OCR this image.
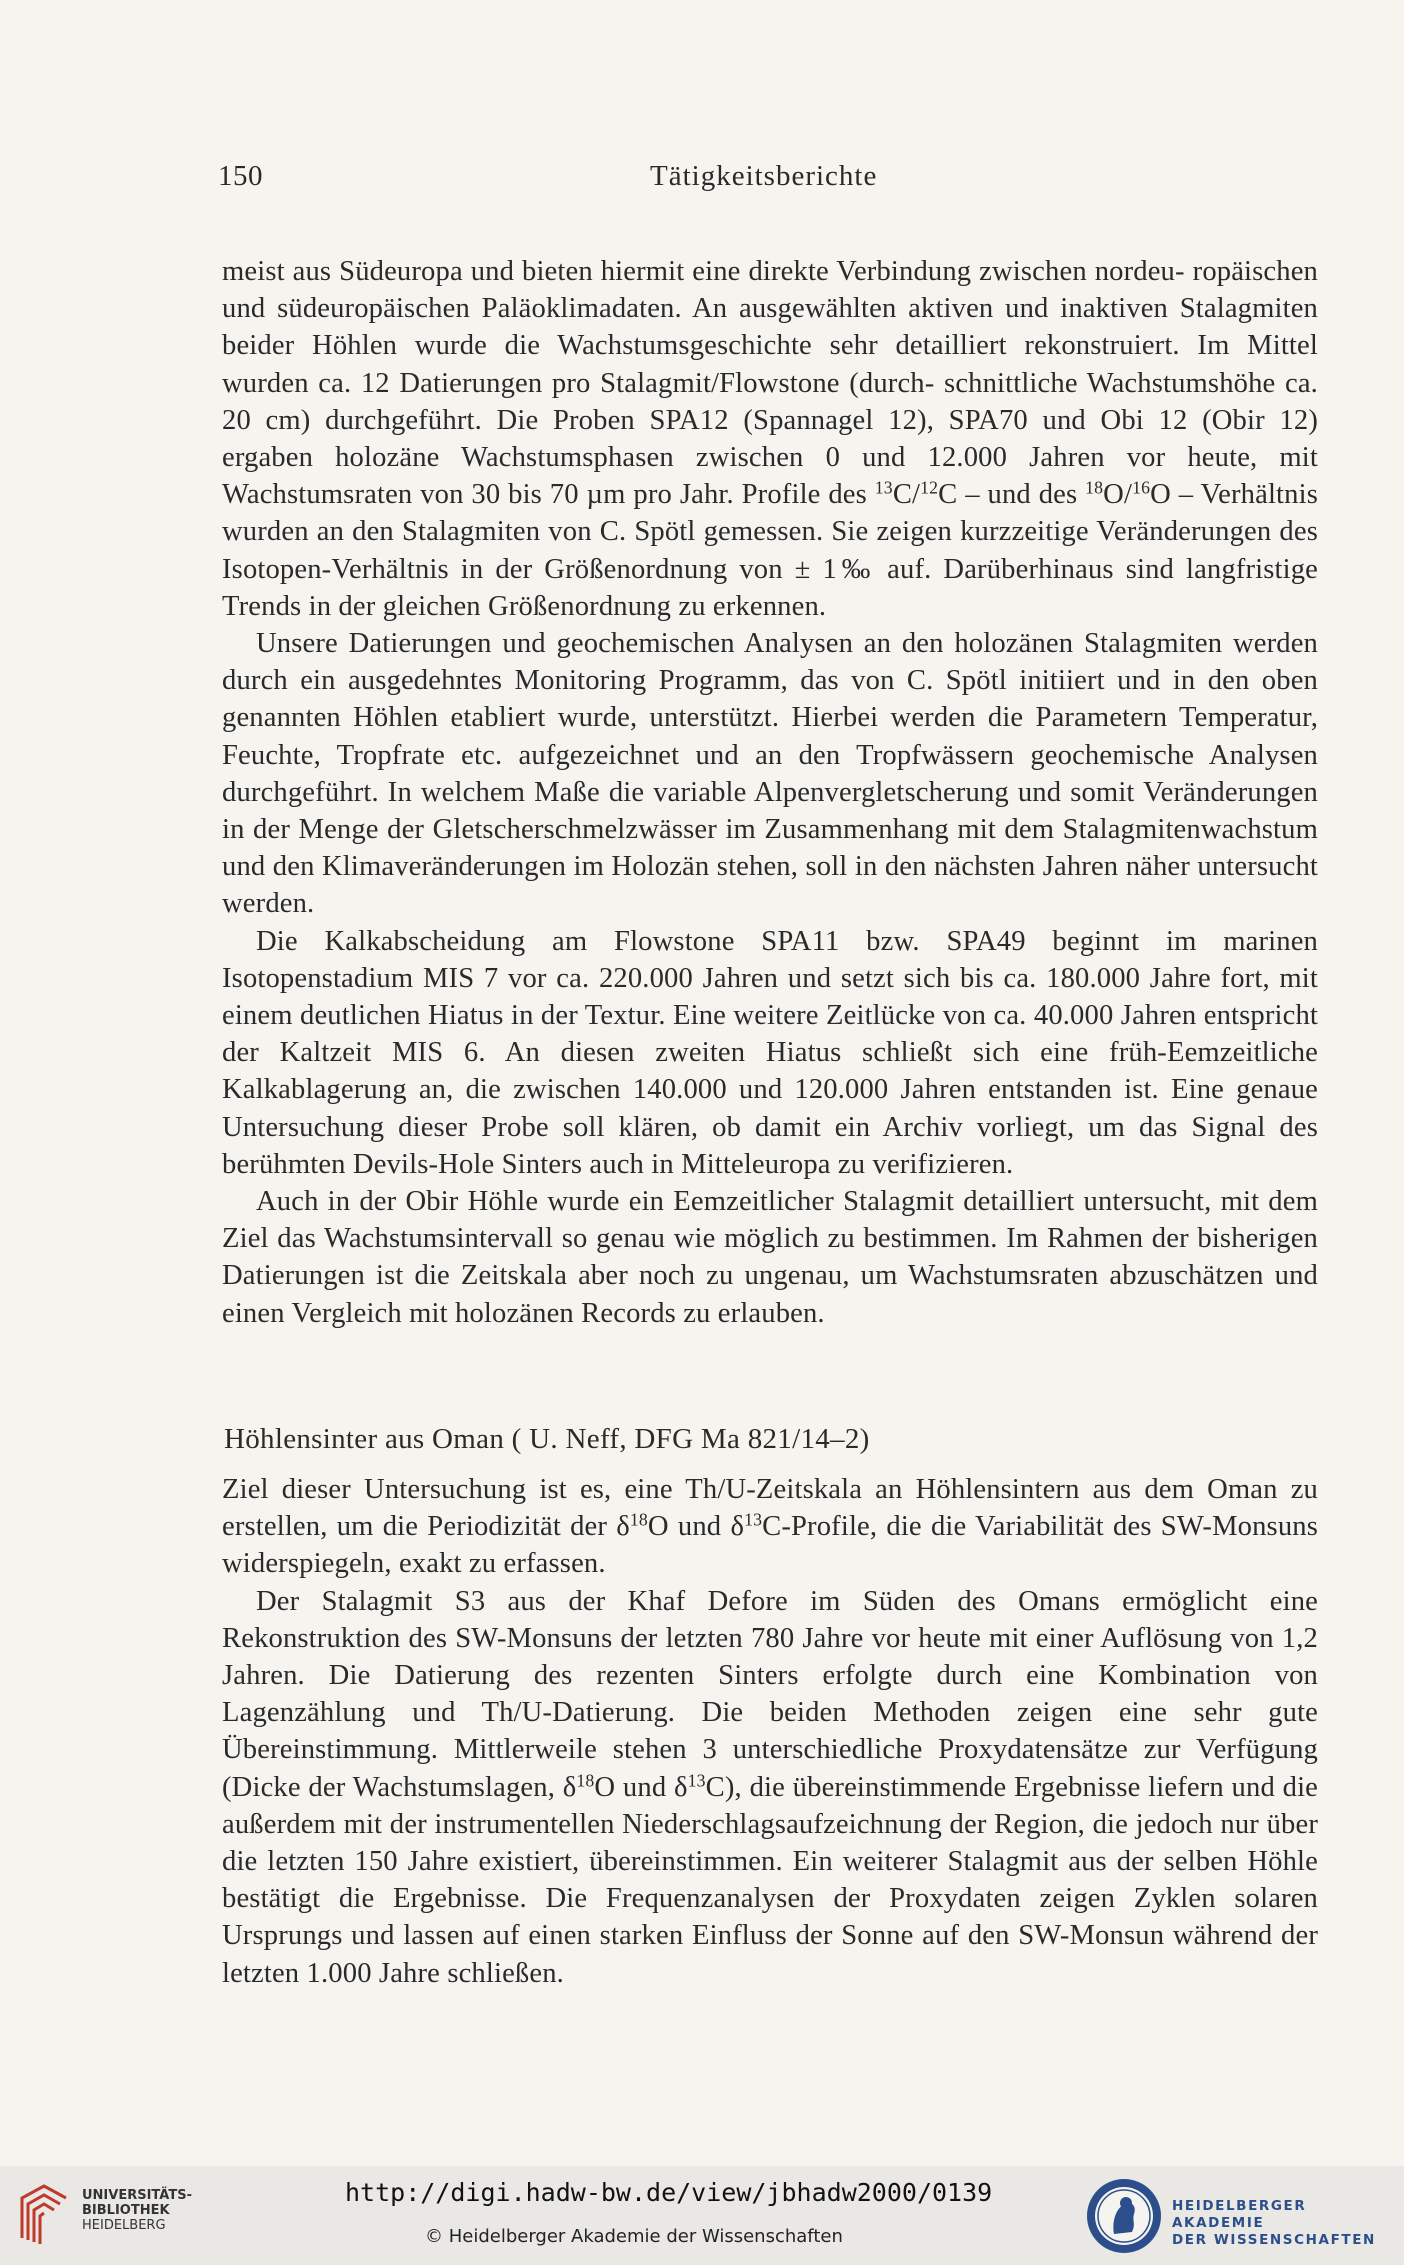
150	Tätigkeitsberichte

meist aus Südeuropa und bieten hiermit eine direkte Verbindung zwischen nordeu- ropäischen und südeuropäischen Paläoklimadaten. An ausgewählten aktiven und inaktiven Stalagmiten beider Höhlen wurde die Wachstumsgeschichte sehr detailliert rekonstruiert. Im Mittel wurden ca. 12 Datierungen pro Stalagmit/Flowstone (durch- schnittliche Wachstumshöhe ca. 20 cm) durchgeführt. Die Proben SPA12 (Spannagel 12), SPA70 und Obi 12 (Obir 12) ergaben holozäne Wachstumsphasen zwischen 0 und 12.000 Jahren vor heute, mit Wachstumsraten von 30 bis 70 µm pro Jahr. Profile des $^{13}$C/$^{12}$C – und des $^{18}$O/$^{16}$O – Verhältnis wurden an den Stalagmiten von C. Spötl gemessen. Sie zeigen kurzzeitige Veränderungen des Isotopen-Verhältnis in der Größenordnung von ± 1‰ auf. Darüberhinaus sind langfristige Trends in der gleichen Größenordnung zu erkennen.

Unsere Datierungen und geochemischen Analysen an den holozänen Stalagmiten werden durch ein ausgedehntes Monitoring Programm, das von C. Spötl initiiert und in den oben genannten Höhlen etabliert wurde, unterstützt. Hierbei werden die Parametern Temperatur, Feuchte, Tropfrate etc. aufgezeichnet und an den Tropfwässern geochemische Analysen durchgeführt. In welchem Maße die variable Alpenvergletscherung und somit Veränderungen in der Menge der Gletscherschmelzwässer im Zusammenhang mit dem Stalagmitenwachstum und den Klimaveränderungen im Holozän stehen, soll in den nächsten Jahren näher untersucht werden.

Die Kalkabscheidung am Flowstone SPA11 bzw. SPA49 beginnt im marinen Isotopenstadium MIS 7 vor ca. 220.000 Jahren und setzt sich bis ca. 180.000 Jahre fort, mit einem deutlichen Hiatus in der Textur. Eine weitere Zeitlücke von ca. 40.000 Jahren entspricht der Kaltzeit MIS 6. An diesen zweiten Hiatus schließt sich eine früh-Eemzeitliche Kalkablagerung an, die zwischen 140.000 und 120.000 Jahren entstanden ist. Eine genaue Untersuchung dieser Probe soll klären, ob damit ein Archiv vorliegt, um das Signal des berühmten Devils-Hole Sinters auch in Mitteleuropa zu verifizieren.

Auch in der Obir Höhle wurde ein Eemzeitlicher Stalagmit detailliert untersucht, mit dem Ziel das Wachstumsintervall so genau wie möglich zu bestimmen. Im Rahmen der bisherigen Datierungen ist die Zeitskala aber noch zu ungenau, um Wachstumsraten abzuschätzen und einen Vergleich mit holozänen Records zu erlauben.

Höhlensinter aus Oman ( U. Neff, DFG Ma 821/14–2)

Ziel dieser Untersuchung ist es, eine Th/U-Zeitskala an Höhlensintern aus dem Oman zu erstellen, um die Periodizität der $\delta^{18}O$ und $\delta^{13}C$-Profile, die die Variabilität des SW-Monsuns widerspiegeln, exakt zu erfassen.

Der Stalagmit S3 aus der Khaf Defore im Süden des Omans ermöglicht eine Rekonstruktion des SW-Monsuns der letzten 780 Jahre vor heute mit einer Auflösung von 1,2 Jahren. Die Datierung des rezenten Sinters erfolgte durch eine Kombination von Lagenzählung und Th/U-Datierung. Die beiden Methoden zeigen eine sehr gute Übereinstimmung. Mittlerweile stehen 3 unterschiedliche Proxydatensätze zur Verfügung (Dicke der Wachstumslagen, $\delta^{18}O$ und $\delta^{13}C$), die übereinstimmende Ergebnisse liefern und die außerdem mit der instrumentellen Niederschlagsaufzeichnung der Region, die jedoch nur über die letzten 150 Jahre existiert, übereinstimmen. Ein weiterer Stalagmit aus der selben Höhle bestätigt die Ergebnisse. Die Frequenzanalysen der Proxydaten zeigen Zyklen solaren Ursprungs und lassen auf einen starken Einfluss der Sonne auf den SW-Monsun während der letzten 1.000 Jahre schließen.

UNIVERSITÄTS-
BIBLIOTHEK
HEIDELBERG
http://digi.hadw-bw.de/view/jbhadw2000/0139
© Heidelberger Akademie der Wissenschaften
HEIDELBERGER AKADEMIE
DER WISSENSCHAFTEN
